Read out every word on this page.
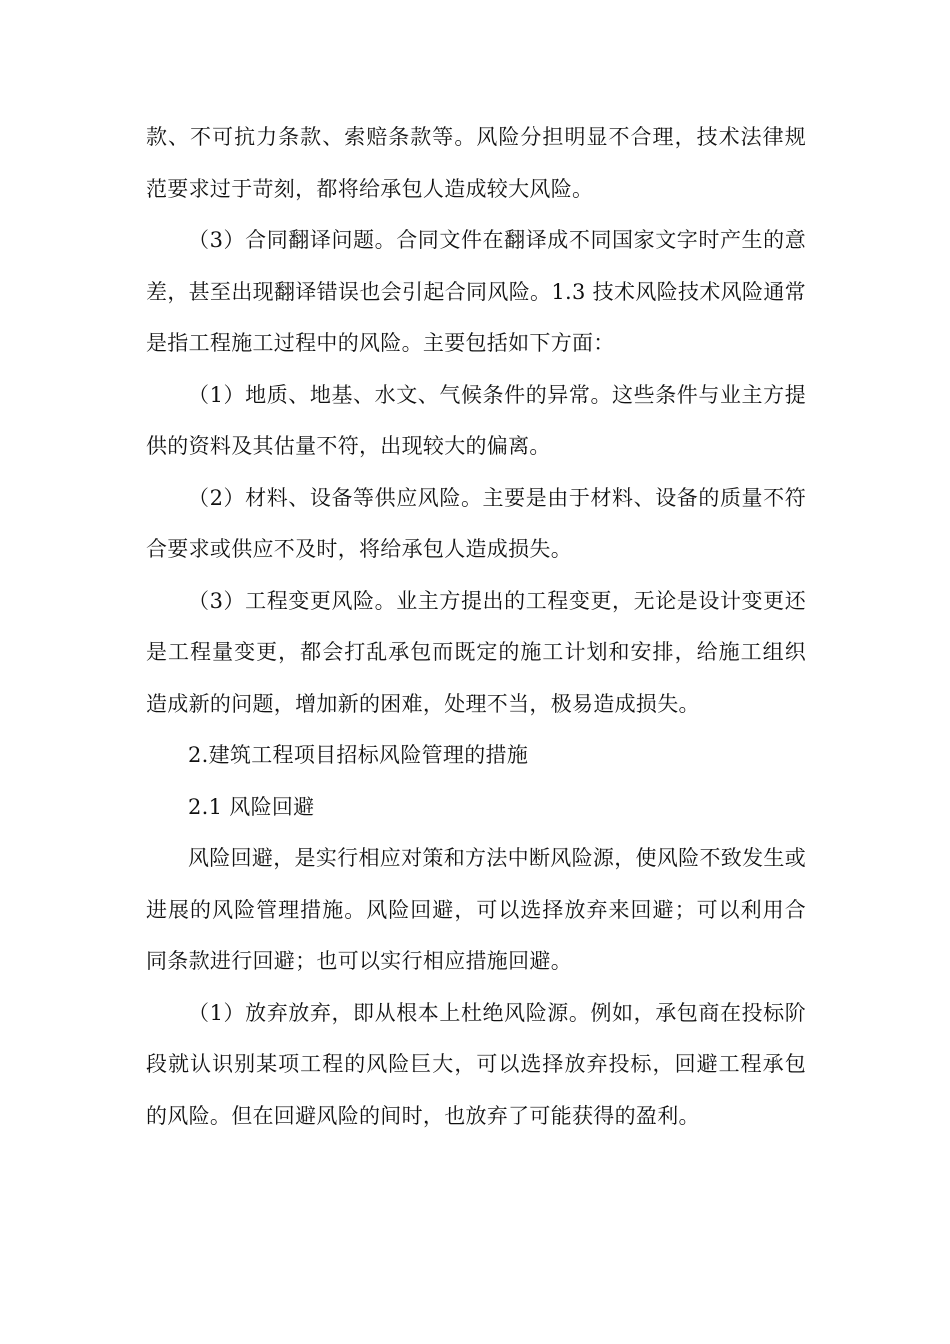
款、不可抗力条款、索赔条款等。风险分担明显不合理，技术法律规范要求过于苛刻，都将给承包人造成较大风险。

（3）合同翻译问题。合同文件在翻译成不同国家文字时产生的意差，甚至出现翻译错误也会引起合同风险。1.3 技术风险技术风险通常是指工程施工过程中的风险。主要包括如下方面：

（1）地质、地基、水文、气候条件的异常。这些条件与业主方提供的资料及其估量不符，出现较大的偏离。

（2）材料、设备等供应风险。主要是由于材料、设备的质量不符合要求或供应不及时，将给承包人造成损失。

（3）工程变更风险。业主方提出的工程变更，无论是设计变更还是工程量变更，都会打乱承包而既定的施工计划和安排，给施工组织造成新的问题，增加新的困难，处理不当，极易造成损失。

2.建筑工程项目招标风险管理的措施

2.1 风险回避

风险回避，是实行相应对策和方法中断风险源，使风险不致发生或进展的风险管理措施。风险回避，可以选择放弃来回避；可以利用合同条款进行回避；也可以实行相应措施回避。

（1）放弃放弃，即从根本上杜绝风险源。例如，承包商在投标阶段就认识别某项工程的风险巨大，可以选择放弃投标，回避工程承包的风险。但在回避风险的间时，也放弃了可能获得的盈利。
